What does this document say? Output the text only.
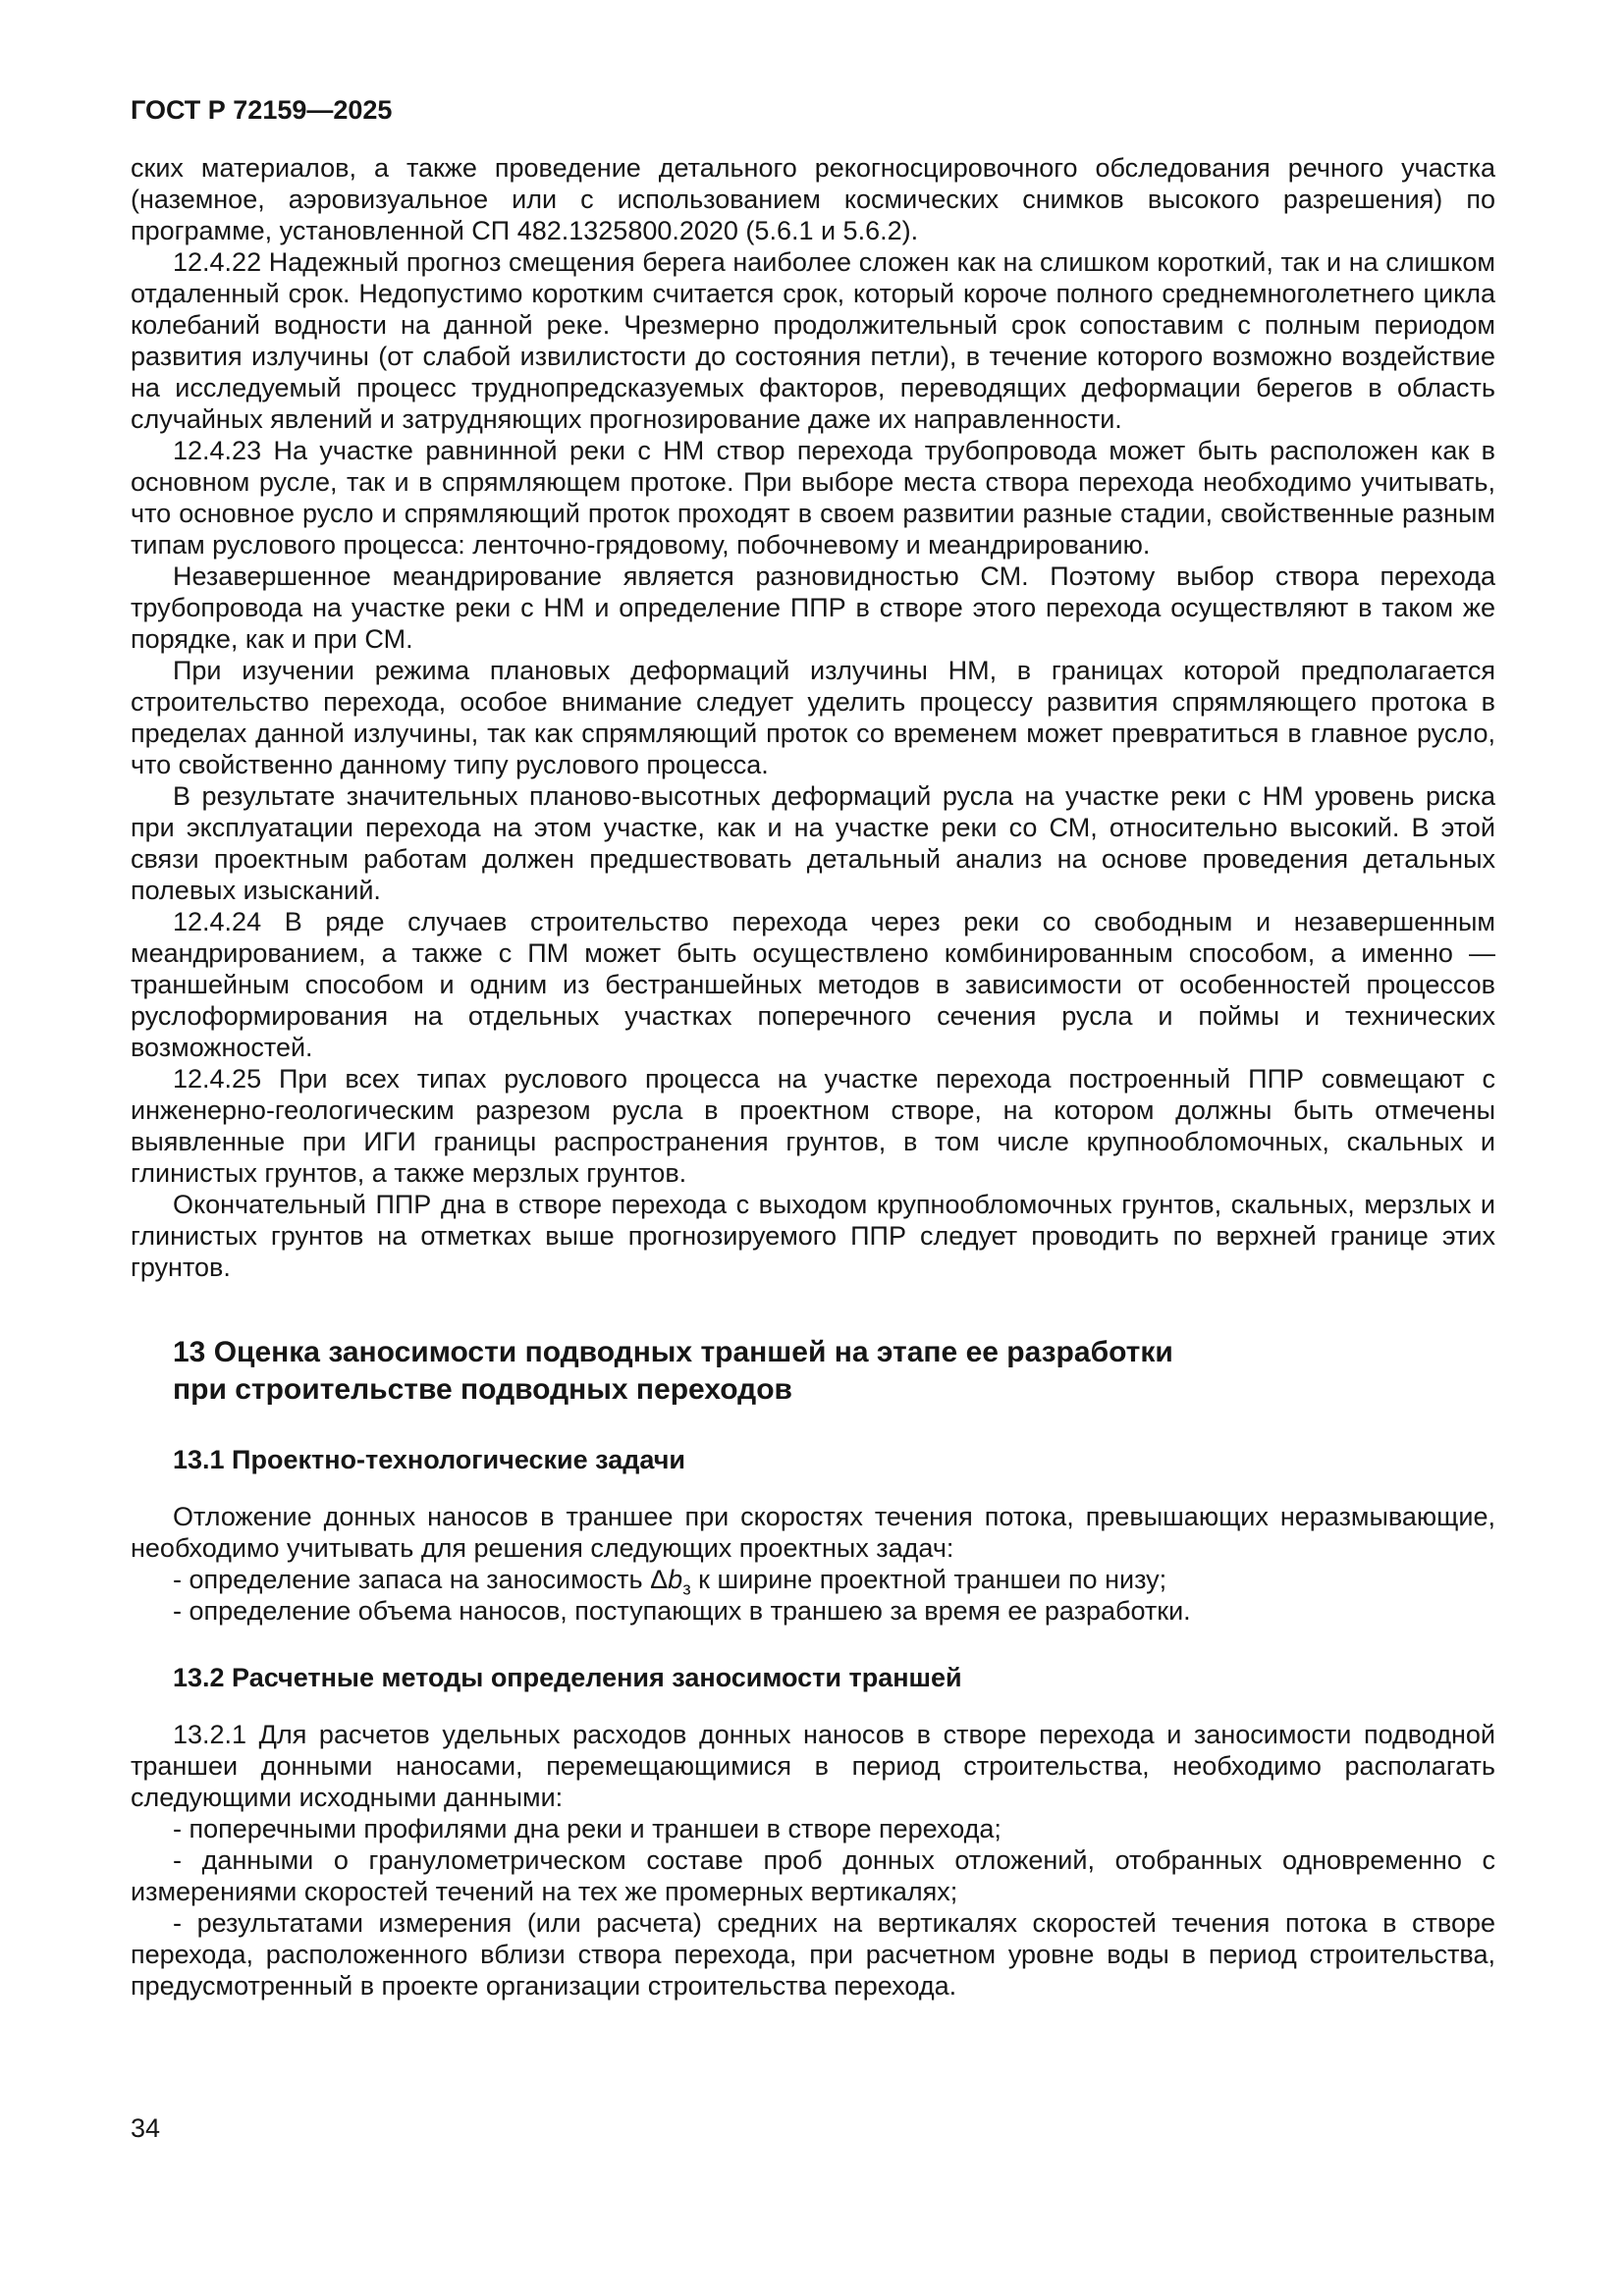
ГОСТ Р 72159—2025

ских материалов, а также проведение детального рекогносцировочного обследования речного участка (наземное, аэровизуальное или с использованием космических снимков высокого разрешения) по программе, установленной СП 482.1325800.2020 (5.6.1 и 5.6.2).

12.4.22 Надежный прогноз смещения берега наиболее сложен как на слишком короткий, так и на слишком отдаленный срок. Недопустимо коротким считается срок, который короче полного среднемноголетнего цикла колебаний водности на данной реке. Чрезмерно продолжительный срок сопоставим с полным периодом развития излучины (от слабой извилистости до состояния петли), в течение которого возможно воздействие на исследуемый процесс труднопредсказуемых факторов, переводящих деформации берегов в область случайных явлений и затрудняющих прогнозирование даже их направленности.

12.4.23 На участке равнинной реки с НМ створ перехода трубопровода может быть расположен как в основном русле, так и в спрямляющем протоке. При выборе места створа перехода необходимо учитывать, что основное русло и спрямляющий проток проходят в своем развитии разные стадии, свойственные разным типам руслового процесса: ленточно-грядовому, побочневому и меандрированию.

Незавершенное меандрирование является разновидностью СМ. Поэтому выбор створа перехода трубопровода на участке реки с НМ и определение ППР в створе этого перехода осуществляют в таком же порядке, как и при СМ.

При изучении режима плановых деформаций излучины НМ, в границах которой предполагается строительство перехода, особое внимание следует уделить процессу развития спрямляющего протока в пределах данной излучины, так как спрямляющий проток со временем может превратиться в главное русло, что свойственно данному типу руслового процесса.

В результате значительных планово-высотных деформаций русла на участке реки с НМ уровень риска при эксплуатации перехода на этом участке, как и на участке реки со СМ, относительно высокий. В этой связи проектным работам должен предшествовать детальный анализ на основе проведения детальных полевых изысканий.

12.4.24 В ряде случаев строительство перехода через реки со свободным и незавершенным меандрированием, а также с ПМ может быть осуществлено комбинированным способом, а именно — траншейным способом и одним из бестраншейных методов в зависимости от особенностей процессов руслоформирования на отдельных участках поперечного сечения русла и поймы и технических возможностей.

12.4.25 При всех типах руслового процесса на участке перехода построенный ППР совмещают с инженерно-геологическим разрезом русла в проектном створе, на котором должны быть отмечены выявленные при ИГИ границы распространения грунтов, в том числе крупнообломочных, скальных и глинистых грунтов, а также мерзлых грунтов.

Окончательный ППР дна в створе перехода с выходом крупнообломочных грунтов, скальных, мерзлых и глинистых грунтов на отметках выше прогнозируемого ППР следует проводить по верхней границе этих грунтов.

13 Оценка заносимости подводных траншей на этапе ее разработки
при строительстве подводных переходов
13.1 Проектно-технологические задачи

Отложение донных наносов в траншее при скоростях течения потока, превышающих неразмывающие, необходимо учитывать для решения следующих проектных задач:

- определение запаса на заносимость $\Delta b_з$ к ширине проектной траншеи по низу;

- определение объема наносов, поступающих в траншею за время ее разработки.

13.2 Расчетные методы определения заносимости траншей

13.2.1 Для расчетов удельных расходов донных наносов в створе перехода и заносимости подводной траншеи донными наносами, перемещающимися в период строительства, необходимо располагать следующими исходными данными:

- поперечными профилями дна реки и траншеи в створе перехода;

- данными о гранулометрическом составе проб донных отложений, отобранных одновременно с измерениями скоростей течений на тех же промерных вертикалях;

- результатами измерения (или расчета) средних на вертикалях скоростей течения потока в створе перехода, расположенного вблизи створа перехода, при расчетном уровне воды в период строительства, предусмотренный в проекте организации строительства перехода.

34
